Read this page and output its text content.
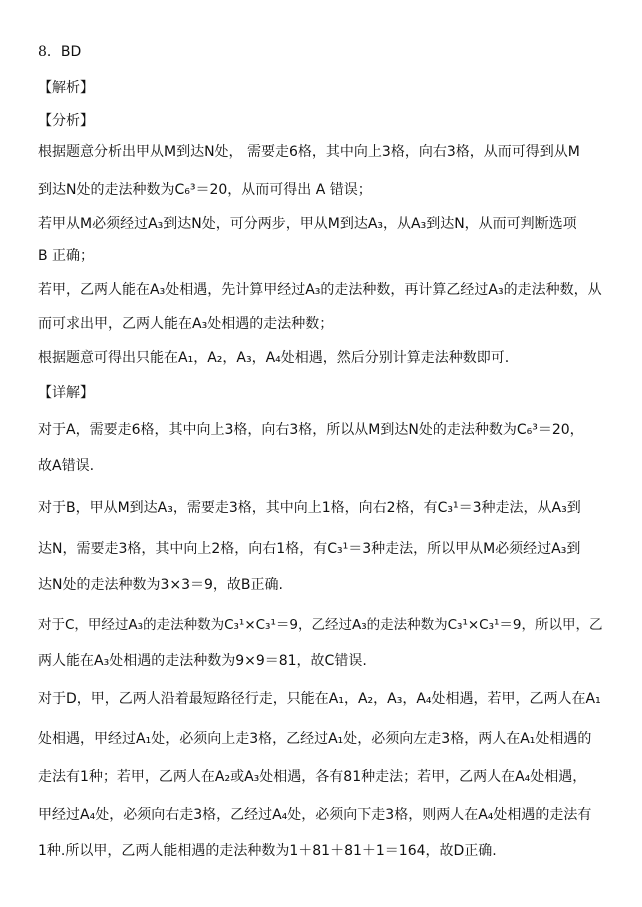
8．BD
【解析】
【分析】
根据题意分析出甲从M到达N处， 需要走6格，其中向上3格，向右3格，从而可得到从M
到达N处的走法种数为C₆³＝20，从而可得出 A 错误；
若甲从M必须经过A₃到达N处，可分两步，甲从M到达A₃，从A₃到达N，从而可判断选项
B 正确；
若甲，乙两人能在A₃处相遇，先计算甲经过A₃的走法种数，再计算乙经过A₃的走法种数，从
而可求出甲，乙两人能在A₃处相遇的走法种数；
根据题意可得出只能在A₁，A₂，A₃，A₄处相遇，然后分别计算走法种数即可.
【详解】
对于A，需要走6格，其中向上3格，向右3格，所以从M到达N处的走法种数为C₆³＝20，
故A错误.
对于B，甲从M到达A₃，需要走3格，其中向上1格，向右2格，有C₃¹＝3种走法，从A₃到
达N，需要走3格，其中向上2格，向右1格，有C₃¹＝3种走法，所以甲从M必须经过A₃到
达N处的走法种数为3×3＝9，故B正确.
对于C，甲经过A₃的走法种数为C₃¹×C₃¹＝9，乙经过A₃的走法种数为C₃¹×C₃¹＝9，所以甲，乙
两人能在A₃处相遇的走法种数为9×9＝81，故C错误.
对于D，甲，乙两人沿着最短路径行走，只能在A₁，A₂，A₃，A₄处相遇，若甲，乙两人在A₁
处相遇，甲经过A₁处，必须向上走3格，乙经过A₁处，必须向左走3格，两人在A₁处相遇的
走法有1种；若甲，乙两人在A₂或A₃处相遇，各有81种走法；若甲，乙两人在A₄处相遇，
甲经过A₄处，必须向右走3格，乙经过A₄处，必须向下走3格，则两人在A₄处相遇的走法有
1种.所以甲，乙两人能相遇的走法种数为1＋81＋81＋1＝164，故D正确.
